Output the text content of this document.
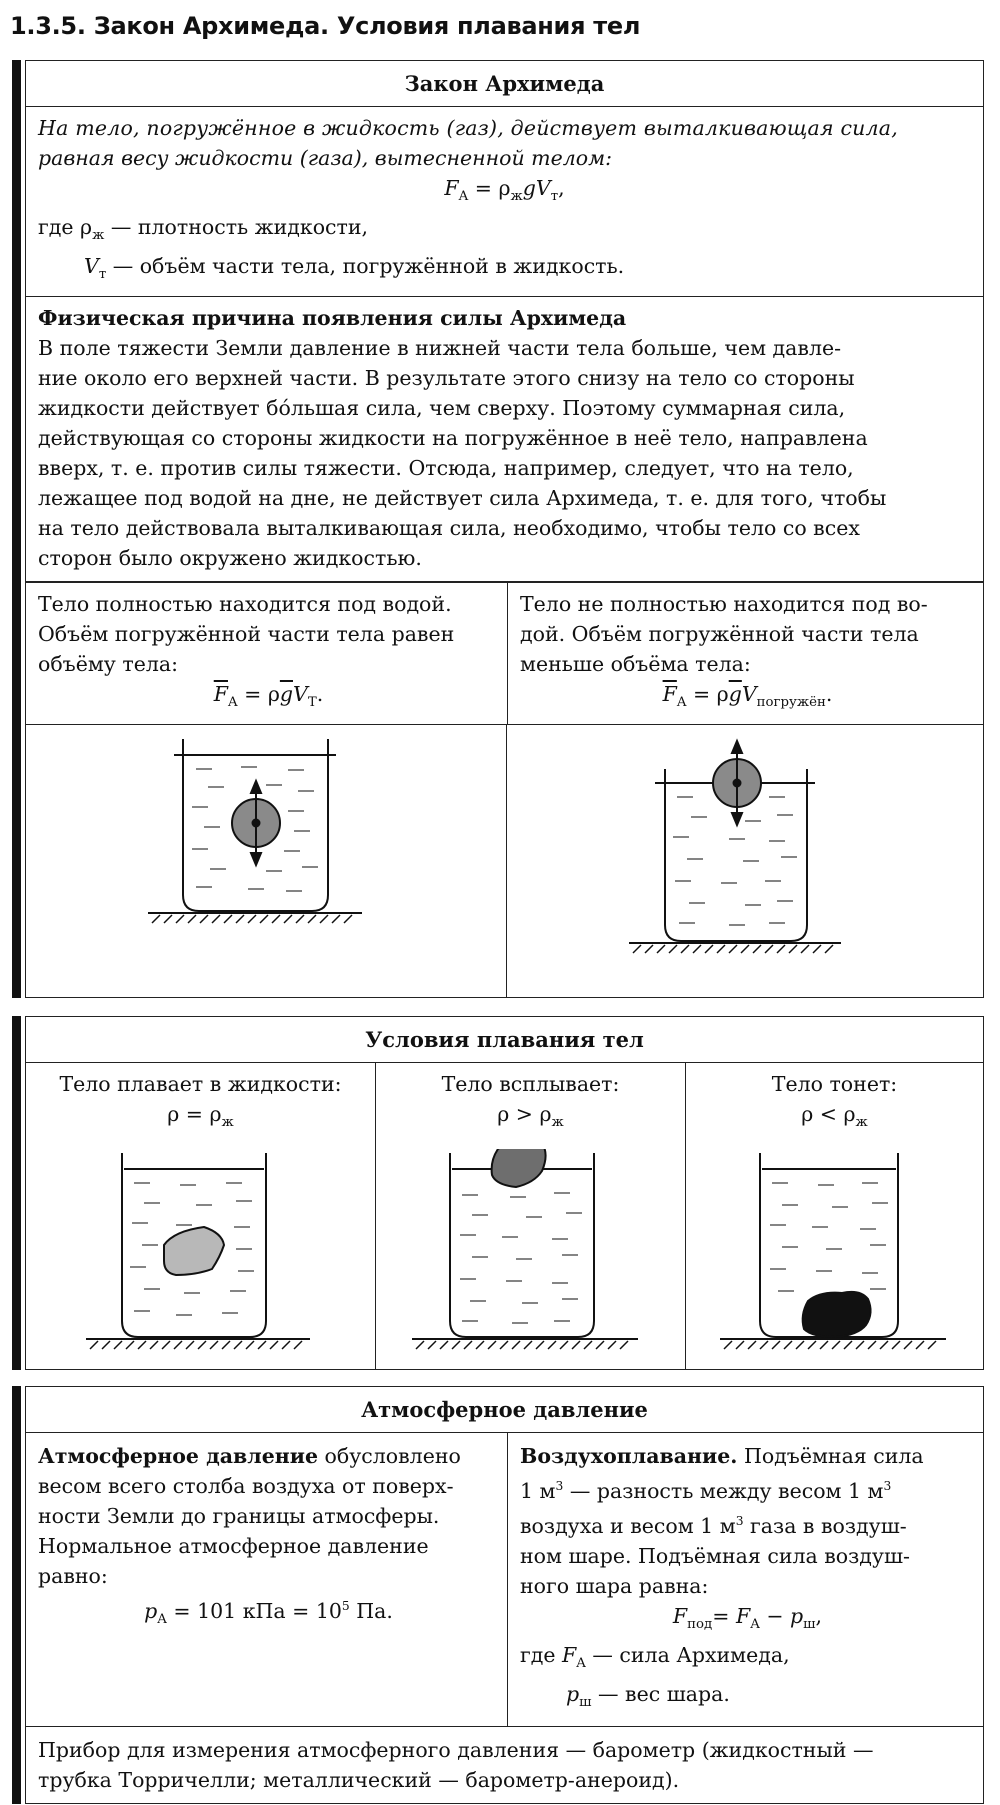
1.3.5. Закон Архимеда. Условия плавания тел
Закон Архимеда
На тело, погружённое в жидкость (газ), действует выталкивающая сила,
равная весу жидкости (газа), вытесненной телом:
$F_A = \rho_жgV_т$,
где $\rho_ж$ — плотность жидкости,
$V_т$ — объём части тела, погружённой в жидкость.
Физическая причина появления силы Архимеда
В поле тяжести Земли давление в нижней части тела больше, чем давле-
ние около его верхней части. В результате этого снизу на тело со стороны
жидкости действует бо́льшая сила, чем сверху. Поэтому суммарная сила,
действующая со стороны жидкости на погружённое в неё тело, направлена
вверх, т. е. против силы тяжести. Отсюда, например, следует, что на тело,
лежащее под водой на дне, не действует сила Архимеда, т. е. для того, чтобы
на тело действовала выталкивающая сила, необходимо, чтобы тело со всех
сторон было окружено жидкостью.
Тело полностью находится под водой.
Объём погружённой части тела равен
объёму тела:
$\overline{F}_A = \rho\overline{g}V_T$.
Тело не полностью находится под во-
дой. Объём погружённой части тела
меньше объёма тела:
$\overline{F}_A = \rho\overline{g}V_{погружён}$.
Условия плавания тел
Тело плавает в жидкости:
$\rho = \rho_ж$
Тело всплывает:
$\rho > \rho_ж$
Тело тонет:
$\rho < \rho_ж$
Атмосферное давление
Атмосферное давление обусловлено
весом всего столба воздуха от поверх-
ности Земли до границы атмосферы.
Нормальное атмосферное давление
равно:
$p_A = 101$ кПа = $10^5$ Па.
Воздухоплавание. Подъёмная сила
1 $м^3$ — разность между весом 1 $м^3$
воздуха и весом 1 $м^3$ газа в воздуш-
ном шаре. Подъёмная сила воздуш-
ного шара равна:
$F_{под}= F_A - p_ш$,
где $F_A$ — сила Архимеда,
$p_ш$ — вес шара.
Прибор для измерения атмосферного давления — барометр (жидкостный —
трубка Торричелли; металлический — барометр-анероид).
